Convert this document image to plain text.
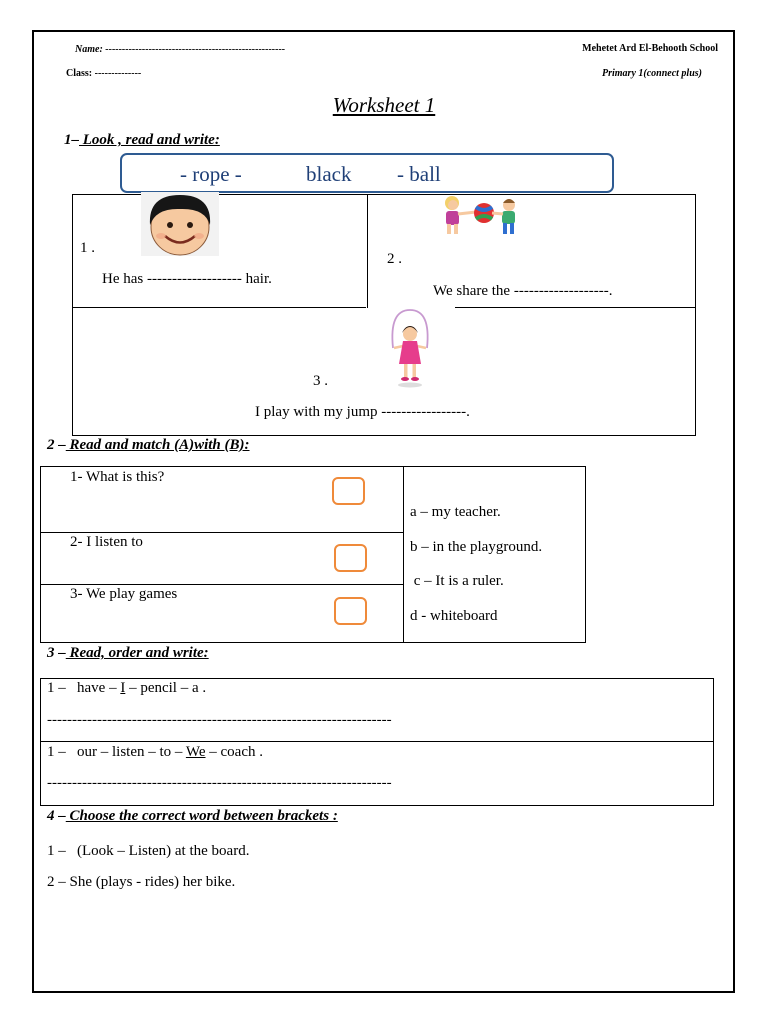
Name: ------------------------------------------------------
Class: --------------
Mehetet Ard El-Behooth School
Primary 1(connect plus)
Worksheet 1
1– Look , read and write:
- rope -	black - ball
1 .
He has ------------------- hair.
2 .
We share the -------------------.
3 .
I play with my jump -----------------.
2 – Read and match (A)with (B):
1- What is this?
2- I listen to
3- We play games
a – my teacher.
b – in the playground.
c – It is a ruler.
d - whiteboard
3 – Read, order and write:
1 –   have – I – pencil – a .
---------------------------------------------------------------------
1 –   our – listen – to – We – coach .
---------------------------------------------------------------------
4 – Choose the correct word between brackets :
1 –   (Look – Listen) at the board.
2 – She (plays - rides) her bike.
